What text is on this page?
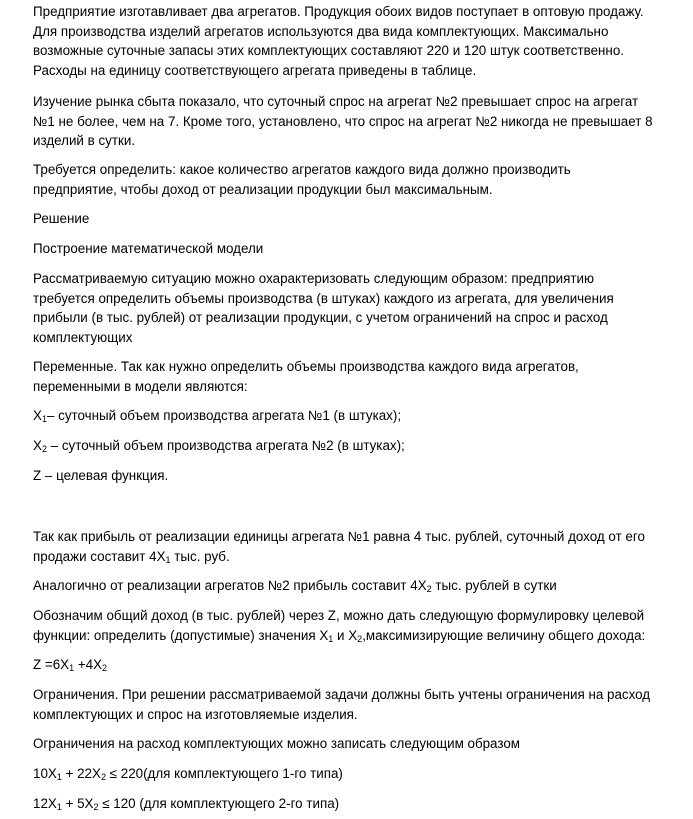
Предприятие изготавливает два агрегатов. Продукция обоих видов поступает в оптовую продажу.
Для производства изделий агрегатов используются два вида комплектующих. Максимально
возможные суточные запасы этих комплектующих составляют 220 и 120 штук соответственно.
Расходы на единицу соответствующего агрегата приведены в таблице.
Изучение рынка сбыта показало, что суточный спрос на агрегат №2 превышает спрос на агрегат
№1 не более, чем на 7. Кроме того, установлено, что спрос на агрегат №2 никогда не превышает 8
изделий в сутки.
Требуется определить: какое количество агрегатов каждого вида должно производить
предприятие, чтобы доход от реализации продукции был максимальным.
Решение
Построение математической модели
Рассматриваемую ситуацию можно охарактеризовать следующим образом: предприятию
требуется определить объемы производства (в штуках) каждого из агрегата, для увеличения
прибыли (в тыс. рублей) от реализации продукции, с учетом ограничений на спрос и расход
комплектующих
Переменные. Так как нужно определить объемы производства каждого вида агрегатов,
переменными в модели являются:
$X_1-$ суточный объем производства агрегата №1 (в штуках);
$X_2$ – суточный объем производства агрегата №2 (в штуках);
Z – целевая функция.
Так как прибыль от реализации единицы агрегата №1 равна 4 тыс. рублей, суточный доход от его
продажи составит $4X_1$ тыс. руб.
Аналогично от реализации агрегатов №2 прибыль составит $4X_2$ тыс. рублей в сутки
Обозначим общий доход (в тыс. рублей) через Z, можно дать следующую формулировку целевой
функции: определить (допустимые) значения $X_1$ и $X_2,максимизирующие$ величину общего дохода:
$Z =6X_1 +4X_2$
Ограничения. При решении рассматриваемой задачи должны быть учтены ограничения на расход
комплектующих и спрос на изготовляемые изделия.
Ограничения на расход комплектующих можно записать следующим образом
$10X_1 + 22X_2 \le 220(для$ комплектующего 1-го типа)
$12X_1 + 5X_2 \le 120$ (для комплектующего 2-го типа)
